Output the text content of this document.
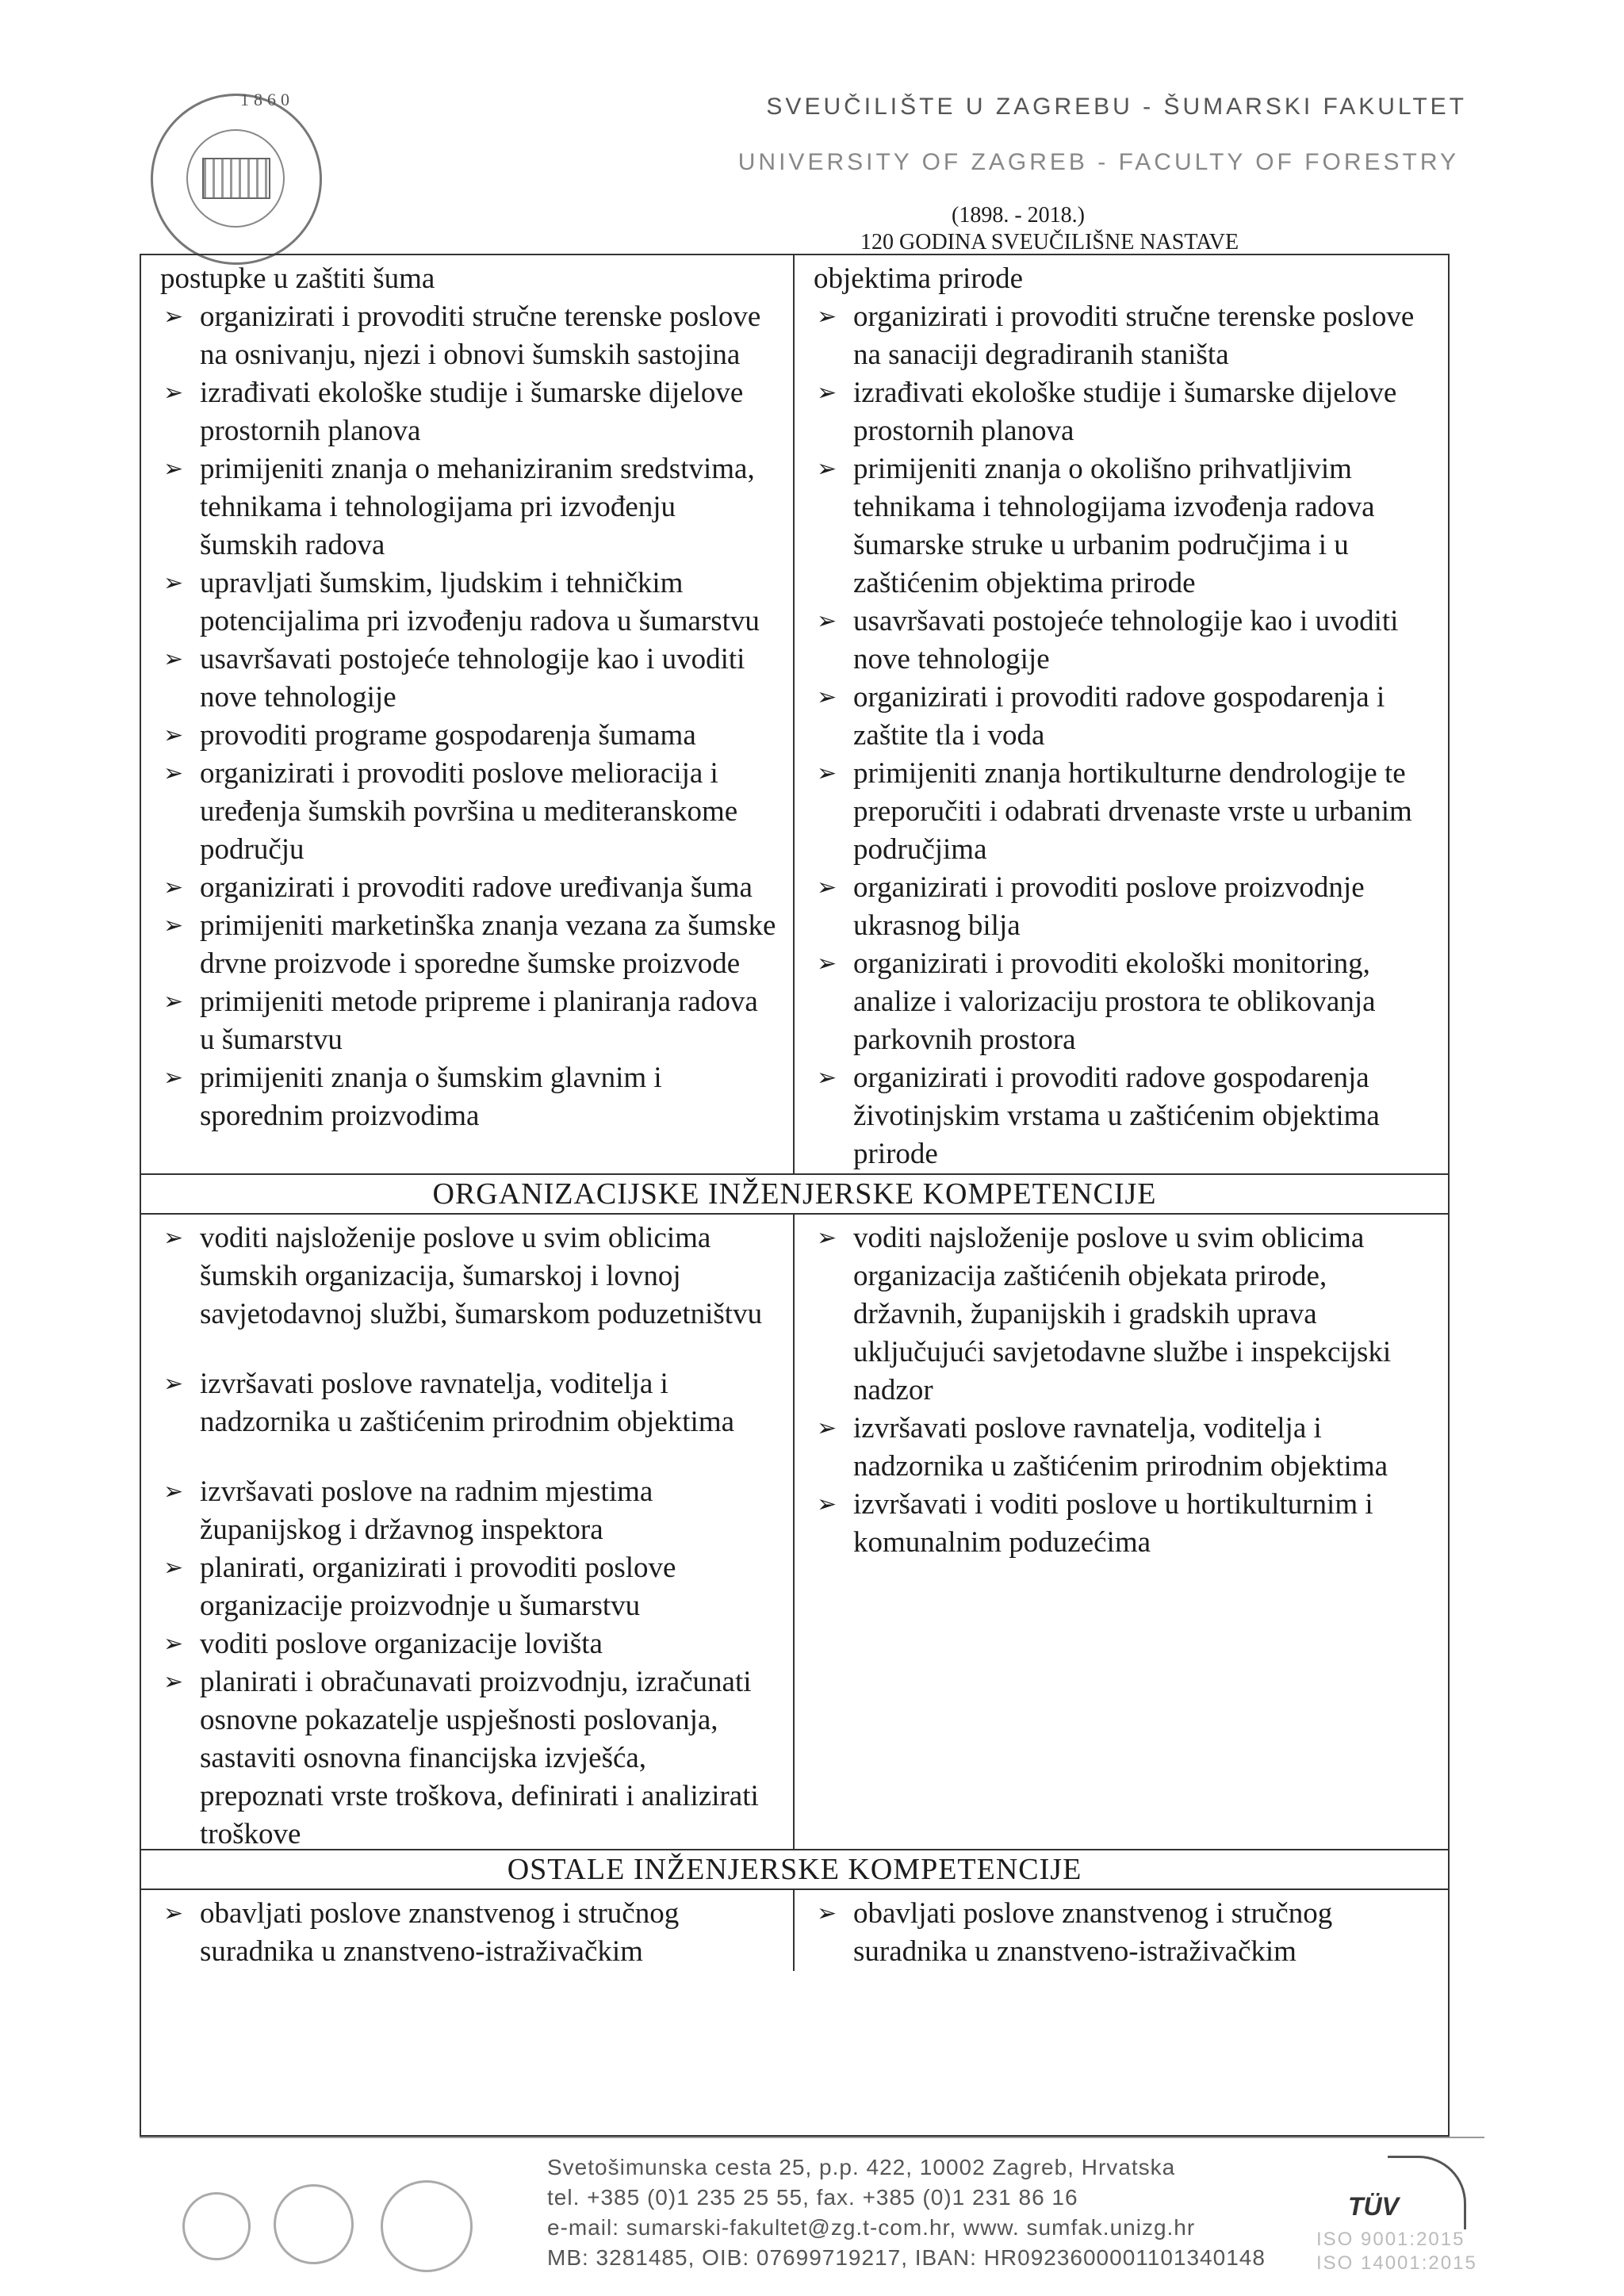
1860	SVEUČILIŠTE U ZAGREBU - ŠUMARSKI FAKULTET
UNIVERSITY OF ZAGREB - FACULTY OF FORESTRY
(1898. - 2018.)
120 GODINA SVEUČILIŠNE NASTAVE
postupke u zaštiti šuma
➢ organizirati i provoditi stručne terenske poslove na osnivanju, njezi i obnovi šumskih sastojina
➢ izrađivati ekološke studije i šumarske dijelove prostornih planova
➢ primijeniti znanja o mehaniziranim sredstvima, tehnikama i tehnologijama pri izvođenju šumskih radova
➢ upravljati šumskim, ljudskim i tehničkim potencijalima pri izvođenju radova u šumarstvu
➢ usavršavati postojeće tehnologije kao i uvoditi nove tehnologije
➢ provoditi programe gospodarenja šumama
➢ organizirati i provoditi poslove melioracija i uređenja šumskih površina u mediteranskome području
➢ organizirati i provoditi radove uređivanja šuma
➢ primijeniti marketinška znanja vezana za šumske drvne proizvode i sporedne šumske proizvode
➢ primijeniti metode pripreme i planiranja radova u šumarstvu
➢ primijeniti znanja o šumskim glavnim i sporednim proizvodima
objektima prirode
➢ organizirati i provoditi stručne terenske poslove na sanaciji degradiranih staništa
➢ izrađivati ekološke studije i šumarske dijelove prostornih planova
➢ primijeniti znanja o okolišno prihvatljivim tehnikama i tehnologijama izvođenja radova šumarske struke u urbanim područjima i u zaštićenim objektima prirode
➢ usavršavati postojeće tehnologije kao i uvoditi nove tehnologije
➢ organizirati i provoditi radove gospodarenja i zaštite tla i voda
➢ primijeniti znanja hortikulturne dendrologije te preporučiti i odabrati drvenaste vrste u urbanim područjima
➢ organizirati i provoditi poslove proizvodnje ukrasnog bilja
➢ organizirati i provoditi ekološki monitoring, analize i valorizaciju prostora te oblikovanja parkovnih prostora
➢ organizirati i provoditi radove gospodarenja životinjskim vrstama u zaštićenim objektima prirode
ORGANIZACIJSKE INŽENJERSKE KOMPETENCIJE
➢ voditi najsloženije poslove u svim oblicima šumskih organizacija, šumarskoj i lovnoj savjetodavnoj službi, šumarskom poduzetništvu
➢ izvršavati poslove ravnatelja, voditelja i nadzornika u zaštićenim prirodnim objektima
➢ izvršavati poslove na radnim mjestima županijskog i državnog inspektora
➢ planirati, organizirati i provoditi poslove organizacije proizvodnje u šumarstvu
➢ voditi poslove organizacije lovišta
➢ planirati i obračunavati proizvodnju, izračunati osnovne pokazatelje uspješnosti poslovanja, sastaviti osnovna financijska izvješća, prepoznati vrste troškova, definirati i analizirati troškove
➢ voditi najsloženije poslove u svim oblicima organizacija zaštićenih objekata prirode, državnih, županijskih i gradskih uprava uključujući savjetodavne službe i inspekcijski nadzor
➢ izvršavati poslove ravnatelja, voditelja i nadzornika u zaštićenim prirodnim objektima
➢ izvršavati i voditi poslove u hortikulturnim i komunalnim poduzećima
OSTALE INŽENJERSKE KOMPETENCIJE
➢ obavljati poslove znanstvenog i stručnog suradnika u znanstveno-istraživačkim
➢ obavljati poslove znanstvenog i stručnog suradnika u znanstveno-istraživačkim
Svetošimunska cesta 25, p.p. 422, 10002 Zagreb, Hrvatska
tel. +385 (0)1 235 25 55, fax. +385 (0)1 231 86 16
e-mail: sumarski-fakultet@zg.t-com.hr, www. sumfak.unizg.hr
MB: 3281485, OIB: 07699719217, IBAN: HR0923600001101340148
TÜV
ISO 9001:2015
ISO 14001:2015
